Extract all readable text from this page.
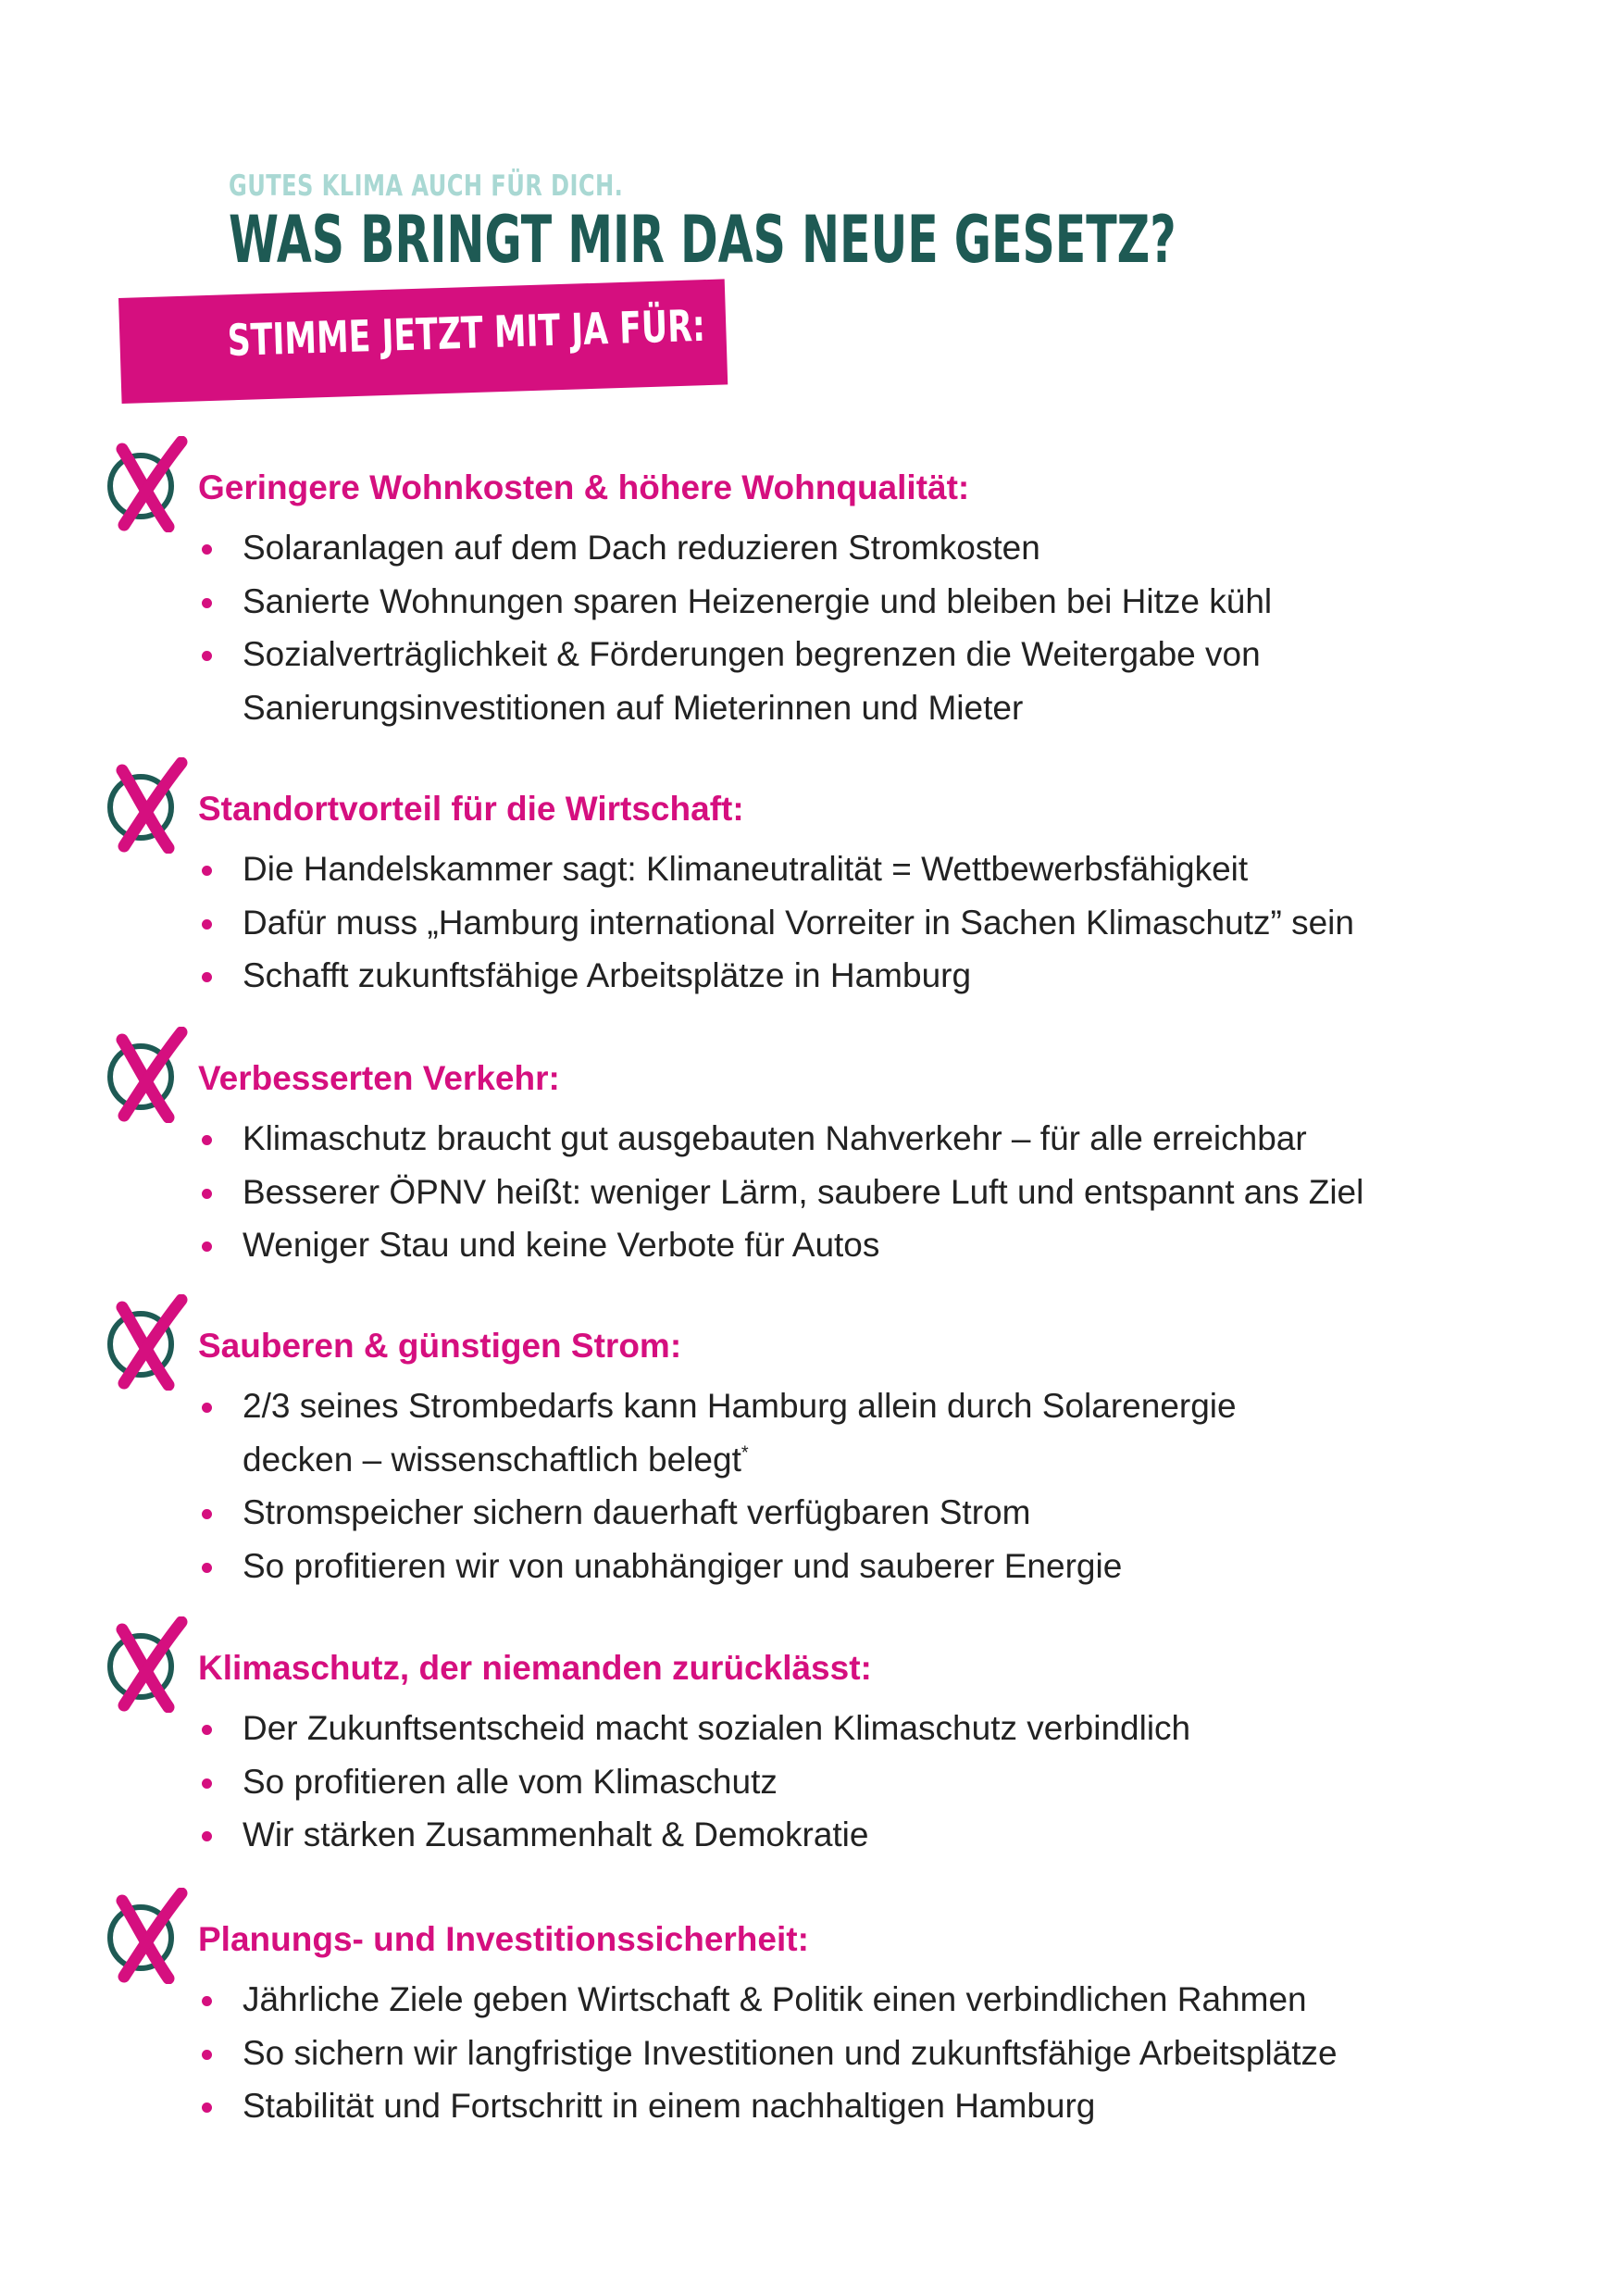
GUTES KLIMA AUCH FÜR DICH.
WAS BRINGT MIR DAS NEUE GESETZ?
STIMME JETZT MIT JA FÜR:
Geringere Wohnkosten & höhere Wohnqualität:
Solaranlagen auf dem Dach reduzieren Stromkosten
Sanierte Wohnungen sparen Heizenergie und bleiben bei Hitze kühl
Sozialverträglichkeit & Förderungen begrenzen die Weitergabe von
Sanierungsinvestitionen auf Mieterinnen und Mieter
Standortvorteil für die Wirtschaft:
Die Handelskammer sagt: Klimaneutralität = Wettbewerbsfähigkeit
Dafür muss „Hamburg international Vorreiter in Sachen Klimaschutz” sein
Schafft zukunftsfähige Arbeitsplätze in Hamburg
Verbesserten Verkehr:
Klimaschutz braucht gut ausgebauten Nahverkehr – für alle erreichbar
Besserer ÖPNV heißt: weniger Lärm, saubere Luft und entspannt ans Ziel
Weniger Stau und keine Verbote für Autos
Sauberen & günstigen Strom:
2/3 seines Strombedarfs kann Hamburg allein durch Solarenergie
decken – wissenschaftlich belegt*
Stromspeicher sichern dauerhaft verfügbaren Strom
So profitieren wir von unabhängiger und sauberer Energie
Klimaschutz, der niemanden zurücklässt:
Der Zukunftsentscheid macht sozialen Klimaschutz verbindlich
So profitieren alle vom Klimaschutz
Wir stärken Zusammenhalt & Demokratie
Planungs- und Investitionssicherheit:
Jährliche Ziele geben Wirtschaft & Politik einen verbindlichen Rahmen
So sichern wir langfristige Investitionen und zukunftsfähige Arbeitsplätze
Stabilität und Fortschritt in einem nachhaltigen Hamburg
